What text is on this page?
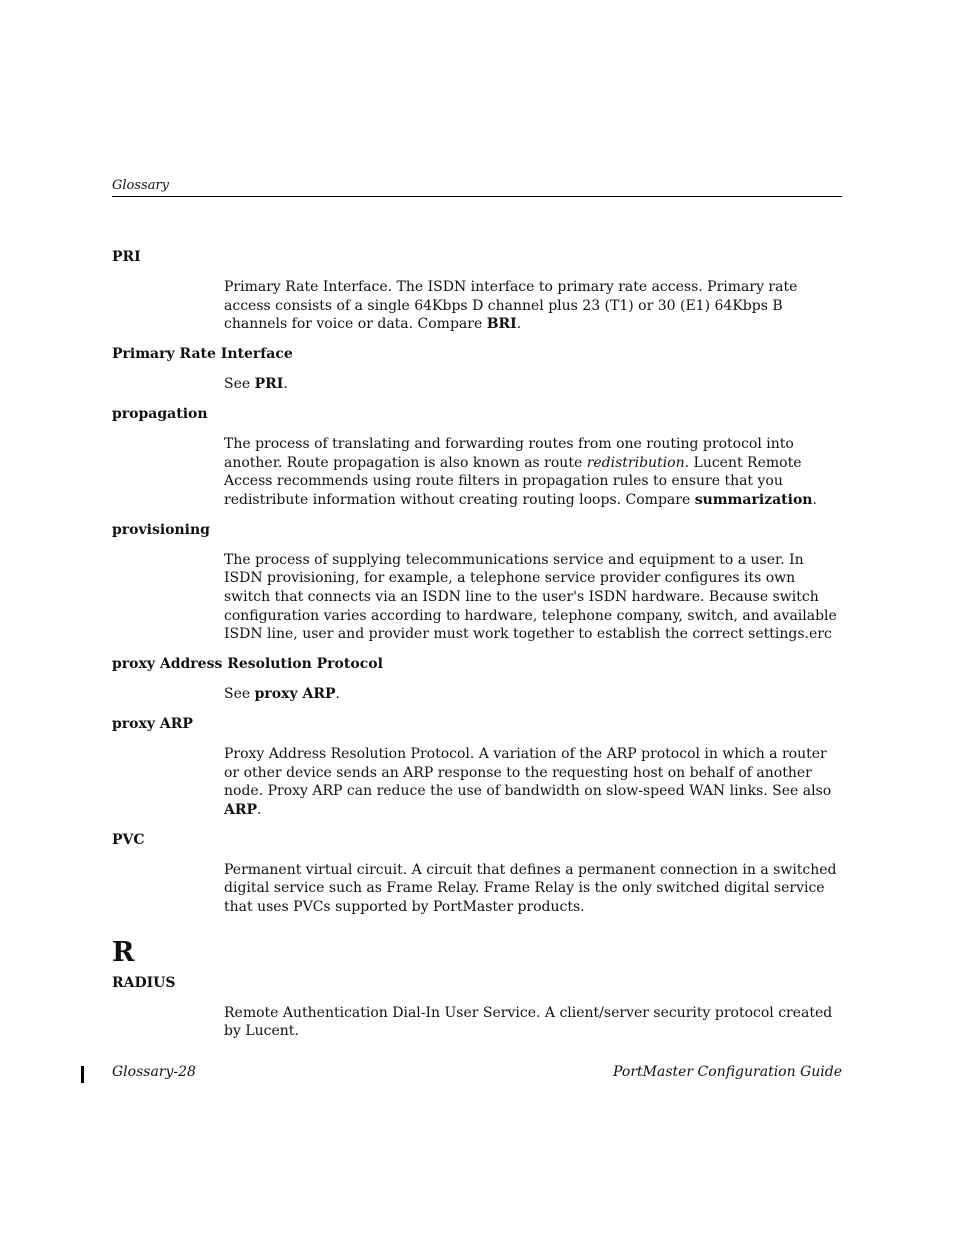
Glossary
PRI
Primary Rate Interface. The ISDN interface to primary rate access. Primary rate access consists of a single 64Kbps D channel plus 23 (T1) or 30 (E1) 64Kbps B channels for voice or data. Compare BRI.
Primary Rate Interface
See PRI.
propagation
The process of translating and forwarding routes from one routing protocol into another. Route propagation is also known as route redistribution. Lucent Remote Access recommends using route filters in propagation rules to ensure that you redistribute information without creating routing loops. Compare summarization.
provisioning
The process of supplying telecommunications service and equipment to a user. In ISDN provisioning, for example, a telephone service provider configures its own switch that connects via an ISDN line to the user's ISDN hardware. Because switch configuration varies according to hardware, telephone company, switch, and available ISDN line, user and provider must work together to establish the correct settings.erc
proxy Address Resolution Protocol
See proxy ARP.
proxy ARP
Proxy Address Resolution Protocol. A variation of the ARP protocol in which a router or other device sends an ARP response to the requesting host on behalf of another node. Proxy ARP can reduce the use of bandwidth on slow-speed WAN links. See also ARP.
PVC
Permanent virtual circuit. A circuit that defines a permanent connection in a switched digital service such as Frame Relay. Frame Relay is the only switched digital service that uses PVCs supported by PortMaster products.
R
RADIUS
Remote Authentication Dial-In User Service. A client/server security protocol created by Lucent.
Glossary-28	PortMaster Configuration Guide
